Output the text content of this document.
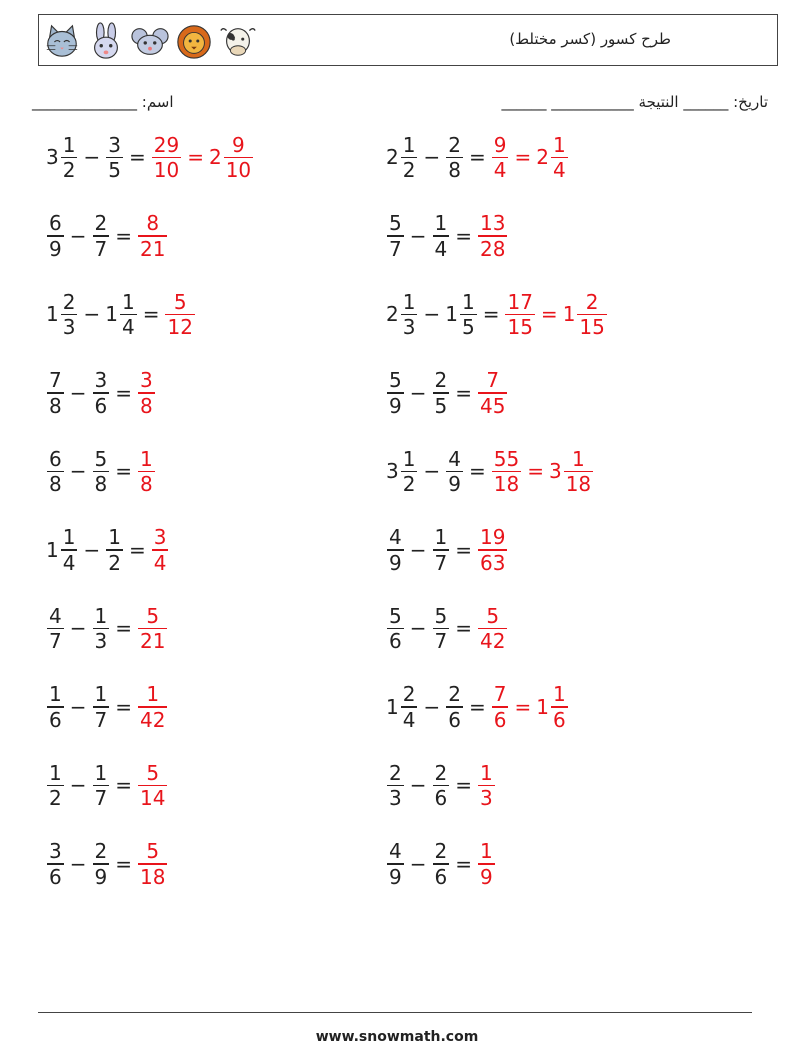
طرح كسور (كسر مختلط)
اسم: ______________	تاريخ: ______ النتيجة ___________ ______
$3 \frac{1}{2} - \frac{3}{5} = \frac{29}{10} = 2 \frac{9}{10}$	$2 \frac{1}{2} - \frac{2}{8} = \frac{9}{4} = 2 \frac{1}{4}$
$\frac{6}{9} - \frac{2}{7} = \frac{8}{21}$	$\frac{5}{7} - \frac{1}{4} = \frac{13}{28}$
$1 \frac{2}{3} - 1 \frac{1}{4} = \frac{5}{12}$	$2 \frac{1}{3} - 1 \frac{1}{5} = \frac{17}{15} = 1 \frac{2}{15}$
$\frac{7}{8} - \frac{3}{6} = \frac{3}{8}$	$\frac{5}{9} - \frac{2}{5} = \frac{7}{45}$
$\frac{6}{8} - \frac{5}{8} = \frac{1}{8}$	$3 \frac{1}{2} - \frac{4}{9} = \frac{55}{18} = 3 \frac{1}{18}$
$1 \frac{1}{4} - \frac{1}{2} = \frac{3}{4}$	$\frac{4}{9} - \frac{1}{7} = \frac{19}{63}$
$\frac{4}{7} - \frac{1}{3} = \frac{5}{21}$	$\frac{5}{6} - \frac{5}{7} = \frac{5}{42}$
$\frac{1}{6} - \frac{1}{7} = \frac{1}{42}$	$1 \frac{2}{4} - \frac{2}{6} = \frac{7}{6} = 1 \frac{1}{6}$
$\frac{1}{2} - \frac{1}{7} = \frac{5}{14}$	$\frac{2}{3} - \frac{2}{6} = \frac{1}{3}$
$\frac{3}{6} - \frac{2}{9} = \frac{5}{18}$	$\frac{4}{9} - \frac{2}{6} = \frac{1}{9}$
www.snowmath.com
